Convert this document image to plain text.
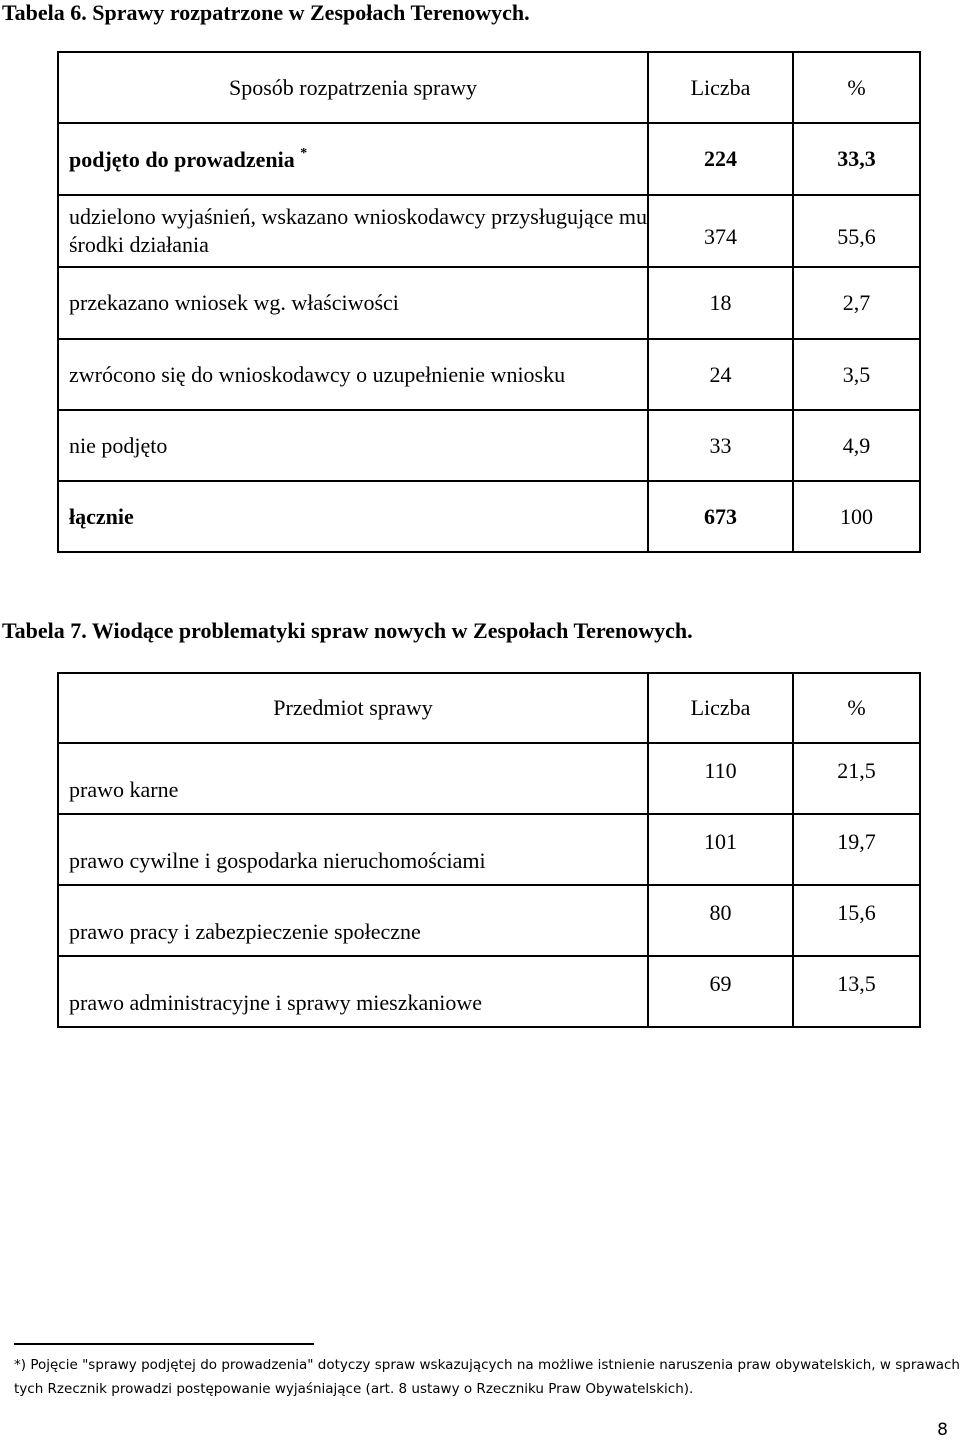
Tabela 6. Sprawy rozpatrzone w Zespołach Terenowych.
Sposób rozpatrzenia sprawy	Liczba	%
podjęto do prowadzenia *	224	33,3
udzielono wyjaśnień, wskazano wnioskodawcy przysługujące mu środki działania	374	55,6
przekazano wniosek wg. właściwości	18	2,7
zwrócono się do wnioskodawcy o uzupełnienie wniosku	24	3,5
nie podjęto	33	4,9
łącznie	673	100
Tabela 7. Wiodące problematyki spraw nowych w Zespołach Terenowych.
Przedmiot sprawy	Liczba	%
prawo karne	110	21,5
prawo cywilne i gospodarka nieruchomościami	101	19,7
prawo pracy i zabezpieczenie społeczne	80	15,6
prawo administracyjne i sprawy mieszkaniowe	69	13,5
*) Pojęcie "sprawy podjętej do prowadzenia" dotyczy spraw wskazujących na możliwe istnienie naruszenia praw obywatelskich, w sprawach tych Rzecznik prowadzi postępowanie wyjaśniające (art. 8 ustawy o Rzeczniku Praw Obywatelskich).
8
